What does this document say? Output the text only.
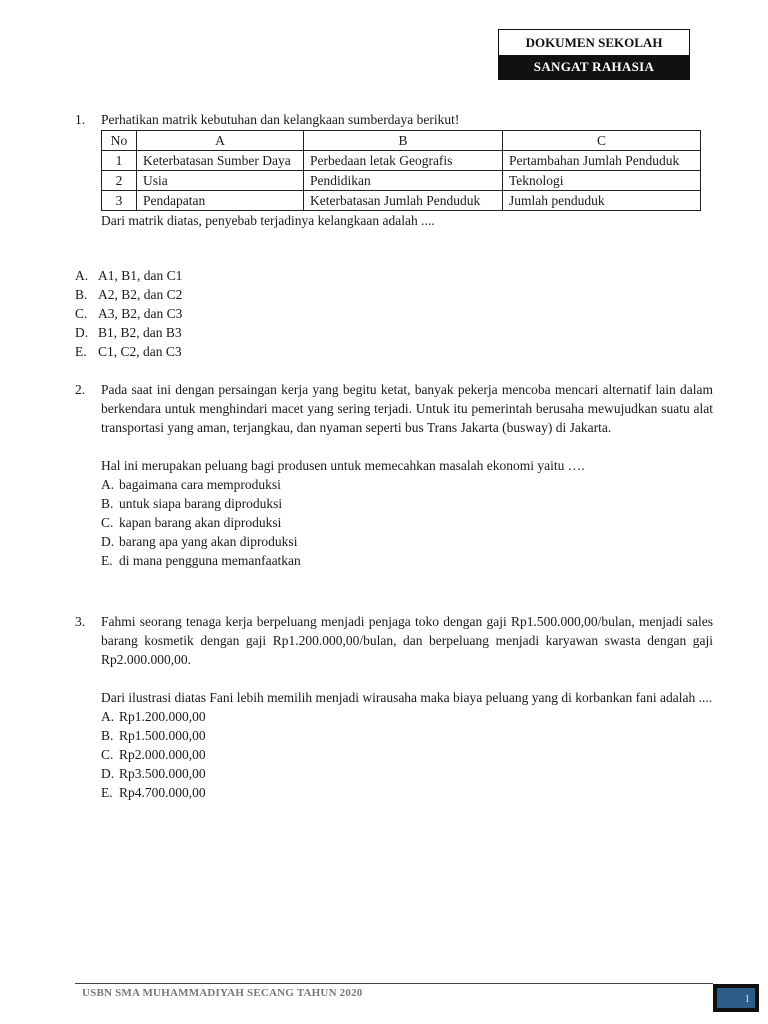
DOKUMEN SEKOLAH
SANGAT RAHASIA
1. Perhatikan matrik kebutuhan dan kelangkaan sumberdaya berikut!

No	A	B	C
1	Keterbatasan Sumber Daya	Perbedaan letak Geografis	Pertambahan Jumlah Penduduk
2	Usia	Pendidikan	Teknologi
3	Pendapatan	Keterbatasan Jumlah Penduduk	Jumlah penduduk

Dari matrik diatas, penyebab terjadinya kelangkaan adalah ....

A. A1, B1, dan C1
B. A2, B2, dan C2
C. A3, B2, dan C3
D. B1, B2, dan B3
E. C1, C2, dan C3
2. Pada saat ini dengan persaingan kerja yang begitu ketat, banyak pekerja mencoba mencari alternatif lain dalam berkendara untuk menghindari macet yang sering terjadi. Untuk itu pemerintah berusaha mewujudkan suatu alat transportasi yang aman, terjangkau, dan nyaman seperti bus Trans Jakarta (busway) di Jakarta.

Hal ini merupakan peluang bagi produsen untuk memecahkan masalah ekonomi yaitu ….

A. bagaimana cara memproduksi
B. untuk siapa barang diproduksi
C. kapan barang akan diproduksi
D. barang apa yang akan diproduksi
E. di mana pengguna memanfaatkan
3. Fahmi seorang tenaga kerja berpeluang menjadi penjaga toko dengan gaji Rp1.500.000,00/bulan, menjadi sales barang kosmetik dengan gaji Rp1.200.000,00/bulan, dan berpeluang menjadi karyawan swasta dengan gaji Rp2.000.000,00.

Dari ilustrasi diatas Fani lebih memilih menjadi wirausaha maka biaya peluang yang di korbankan fani adalah ....

A. Rp1.200.000,00
B. Rp1.500.000,00
C. Rp2.000.000,00
D. Rp3.500.000,00
E. Rp4.700.000,00
USBN SMA MUHAMMADIYAH SECANG TAHUN 2020	1
